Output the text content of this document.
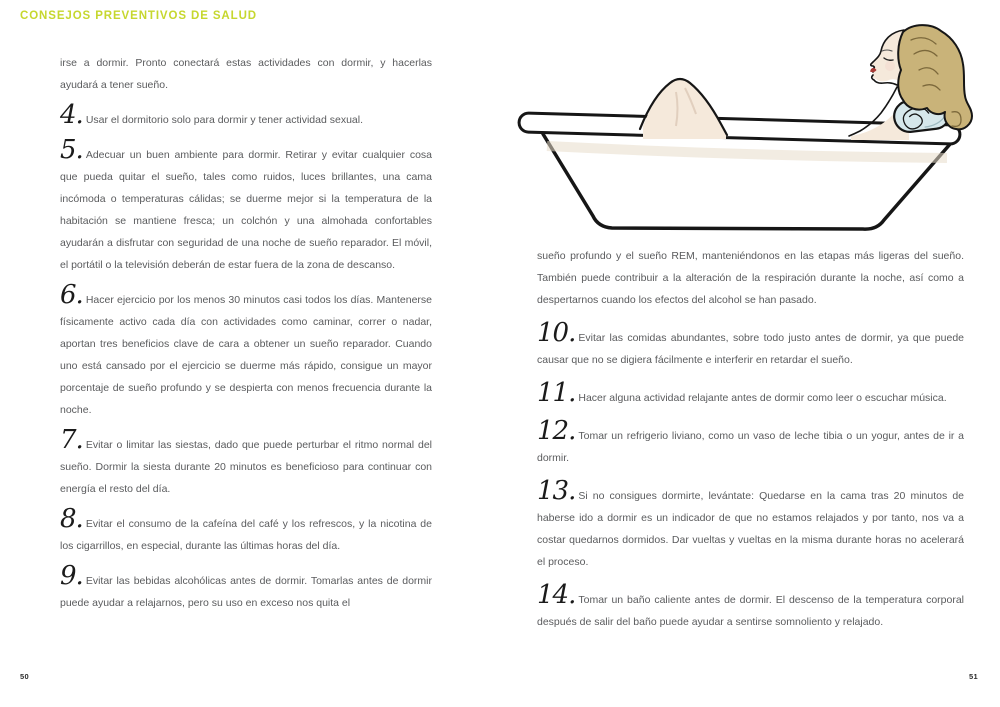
CONSEJOS PREVENTIVOS DE SALUD

irse a dormir. Pronto conectará estas actividades con dormir, y hacerlas ayudará a tener sueño.

4. Usar el dormitorio solo para dormir y tener actividad sexual.

5. Adecuar un buen ambiente para dormir. Retirar y evitar cualquier cosa que pueda quitar el sueño, tales como ruidos, luces brillantes, una cama incómoda o temperaturas cálidas; se duerme mejor si la temperatura de la habitación se mantiene fresca; un colchón y una almohada confortables ayudarán a disfrutar con seguridad de una noche de sueño reparador. El móvil, el portátil o la televisión deberán de estar fuera de la zona de descanso.

6. Hacer ejercicio por los menos 30 minutos casi todos los días. Mantenerse físicamente activo cada día con actividades como caminar, correr o nadar, aportan tres beneficios clave de cara a obtener un sueño reparador. Cuando uno está cansado por el ejercicio se duerme más rápido, consigue un mayor porcentaje de sueño profundo y se despierta con menos frecuencia durante la noche.

7. Evitar o limitar las siestas, dado que puede perturbar el ritmo normal del sueño. Dormir la siesta durante 20 minutos es beneficioso para continuar con energía el resto del día.

8. Evitar el consumo de la cafeína del café y los refrescos, y la nicotina de los cigarrillos, en especial, durante las últimas horas del día.

9. Evitar las bebidas alcohólicas antes de dormir. Tomarlas antes de dormir puede ayudar a relajarnos, pero su uso en exceso nos quita el

sueño profundo y el sueño REM, manteniéndonos en las etapas más ligeras del sueño. También puede contribuir a la alteración de la respiración durante la noche, así como a despertarnos cuando los efectos del alcohol se han pasado.

10. Evitar las comidas abundantes, sobre todo justo antes de dormir, ya que puede causar que no se digiera fácilmente e interferir en retardar el sueño.

11. Hacer alguna actividad relajante antes de dormir como leer o escuchar música.

12. Tomar un refrigerio liviano, como un vaso de leche tibia o un yogur, antes de ir a dormir.

13. Si no consigues dormirte, levántate: Quedarse en la cama tras 20 minutos de haberse ido a dormir es un indicador de que no estamos relajados y por tanto, nos va a costar quedarnos dormidos. Dar vueltas y vueltas en la misma durante horas no acelerará el proceso.

14. Tomar un baño caliente antes de dormir. El descenso de la temperatura corporal después de salir del baño puede ayudar a sentirse somnoliento y relajado.

50	51
